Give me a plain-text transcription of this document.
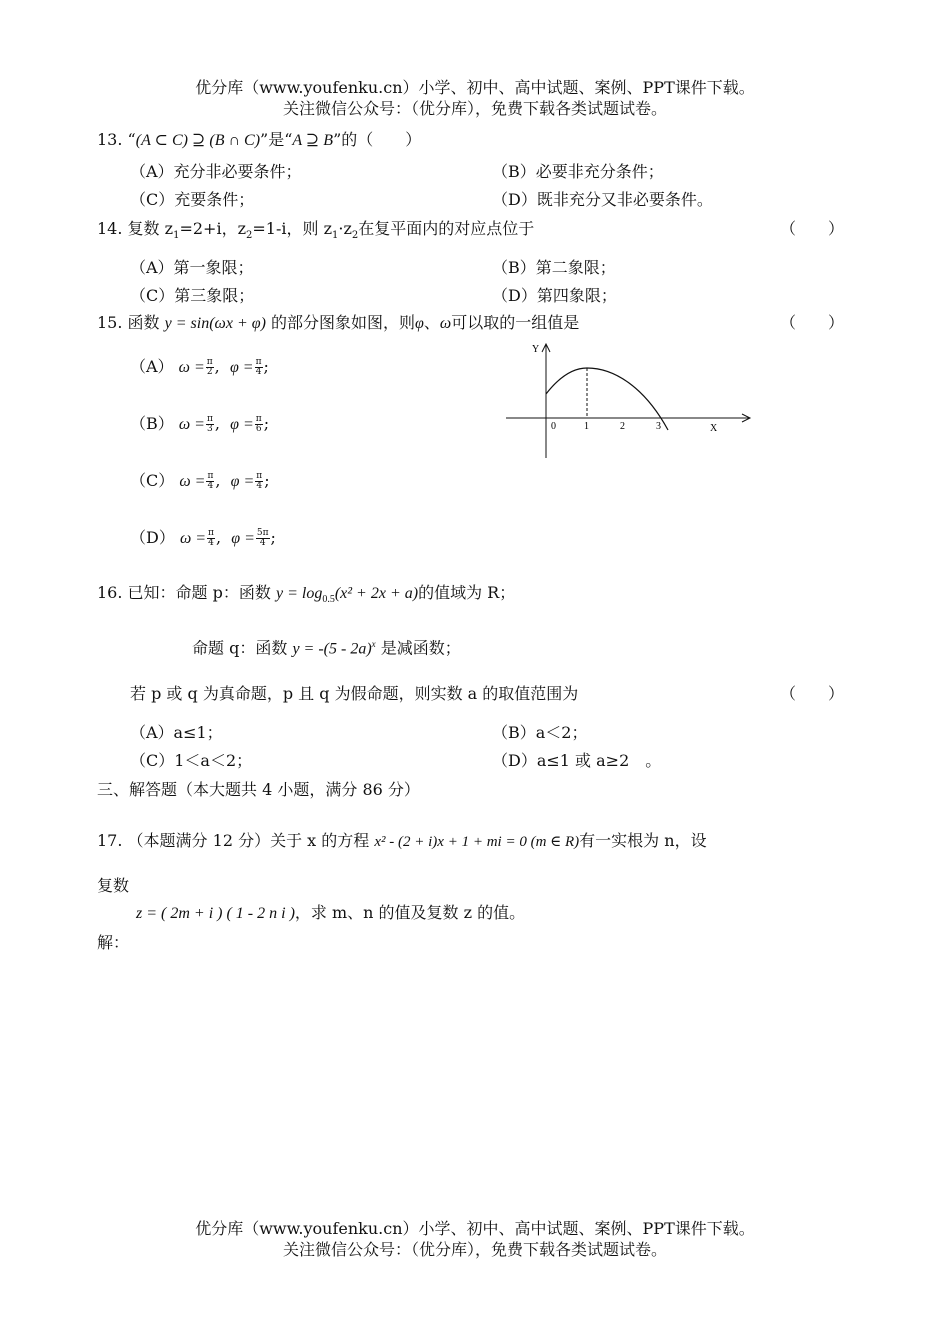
优分库（www.youfenku.cn）小学、初中、高中试题、案例、PPT课件下载。
关注微信公众号：（优分库），免费下载各类试题试卷。
13. “(A ⊂ C) ⊇ (B ∩ C)”是“A ⊇ B”的（　　）
（A）充分非必要条件；	（B）必要非充分条件；
（C）充要条件；	（D）既非充分又非必要条件。
14. 复数 $z_1=2+i$，$z_2=1-i$，则 $z_1\cdot z_2$在复平面内的对应点位于	（　　）
（A）第一象限；	（B）第二象限；
（C）第三象限；	（D）第四象限；
15. 函数 y = sin(ωx + φ) 的部分图象如图，则φ、ω可以取的一组值是	（　　）
（A） $\omega = \frac{\pi}{2}$ , $\varphi = \frac{\pi}{4}$ ;
（B） $\omega = \frac{\pi}{3}$ , $\varphi = \frac{\pi}{6}$ ;
（C） $\omega = \frac{\pi}{4}$ , $\varphi = \frac{\pi}{4}$ ;
（D） $\omega = \frac{\pi}{4}$ , $\varphi = \frac{5\pi}{4}$ ;
Y
X
0	1	2	3
16. 已知：命题 p：函数 $y = \log_{0.5}(x^2 + 2x + a)$的值域为 R；
命题 q：函数 y = -(5 - 2a)$^x$ 是减函数；
若 p 或 q 为真命题，p 且 q 为假命题，则实数 a 的取值范围为	（　　）
（A）a≤1；	（B）a＜2；
（C）1＜a＜2；	（D）a≤1 或 a≥2　。
三、解答题（本大题共 4 小题，满分 86 分）
17. （本题满分 12 分）关于 x 的方程 x² - (2 + i)x + 1 + mi = 0 (m ∈ R)有一实根为 n，设
复数
z = ( 2m + i ) ( 1 - 2 n i )，求 m、n 的值及复数 z 的值。
解：
优分库（www.youfenku.cn）小学、初中、高中试题、案例、PPT课件下载。
关注微信公众号：（优分库），免费下载各类试题试卷。
